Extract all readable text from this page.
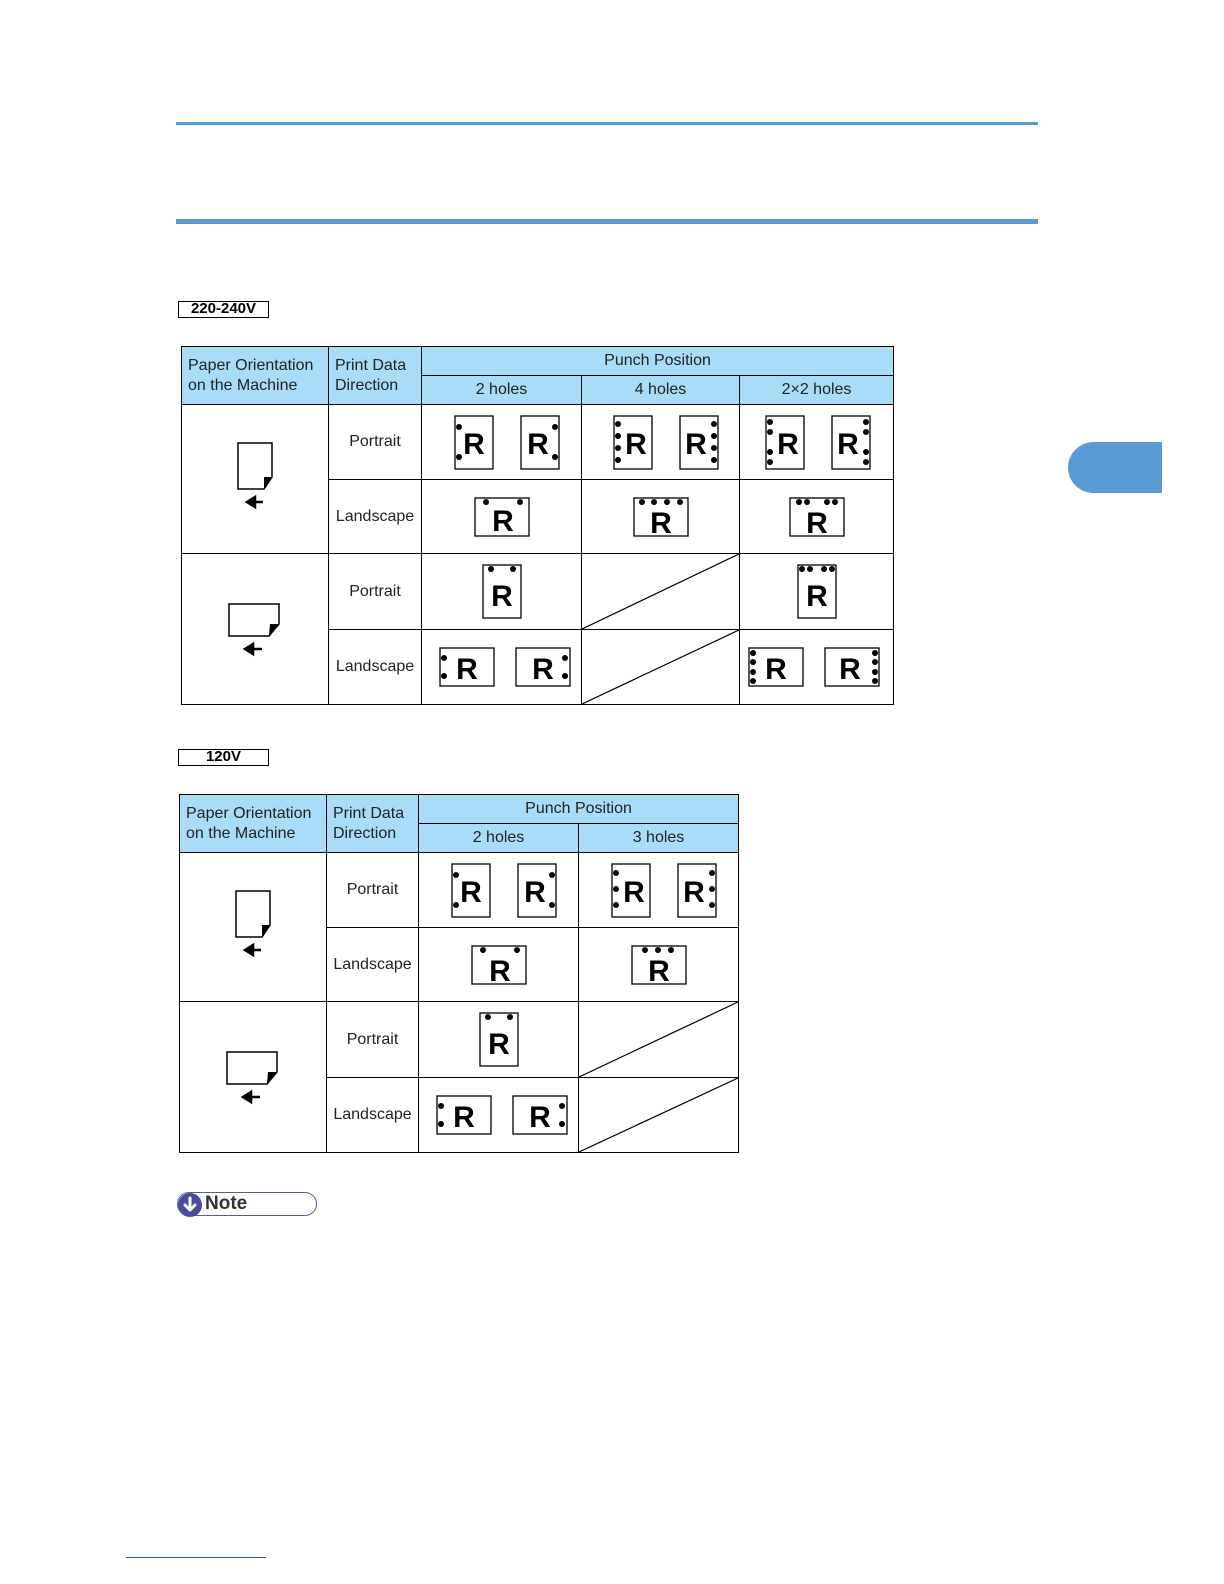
220-240V
Paper Orientation
on the Machine	Print Data
Direction	Punch Position		
		2 holes	4 holes	2×2 holes

	Portrait	R R	R R	R R

	Landscape	R	R	R

	Portrait	R		R

	Landscape	R R		R R
120V
Paper Orientation
on the Machine	Print Data
Direction	Punch Position	
		2 holes	3 holes

	Portrait	R R	R R

	Landscape	R	R

	Portrait	R

	Landscape	R R

Note
